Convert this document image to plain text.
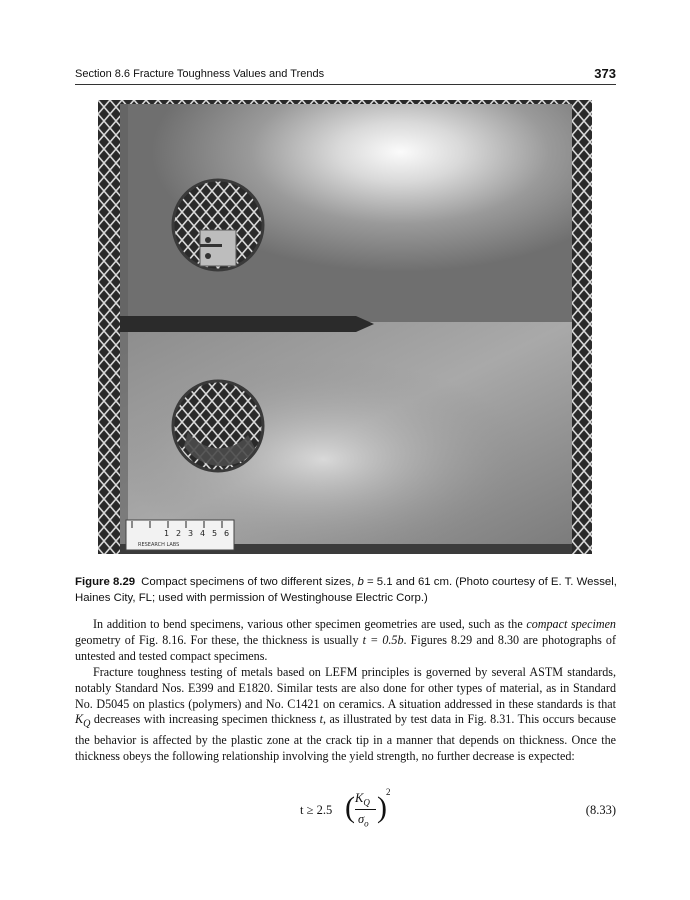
Section 8.6 Fracture Toughness Values and Trends	373
1 2 3 4 5 6
RESEARCH LABS
Figure 8.29 Compact specimens of two different sizes, b = 5.1 and 61 cm. (Photo courtesy of E. T. Wessel, Haines City, FL; used with permission of Westinghouse Electric Corp.)

In addition to bend specimens, various other specimen geometries are used, such as the compact specimen geometry of Fig. 8.16. For these, the thickness is usually t = 0.5b. Figures 8.29 and 8.30 are photographs of untested and tested compact specimens.

Fracture toughness testing of metals based on LEFM principles is governed by several ASTM standards, notably Standard Nos. E399 and E1820. Similar tests are also done for other types of material, as in Standard No. D5045 on plastics (polymers) and No. C1421 on ceramics. A situation addressed in these standards is that $K_Q$ decreases with increasing specimen thickness t, as illustrated by test data in Fig. 8.31. This occurs because the behavior is affected by the plastic zone at the crack tip in a manner that depends on thickness. Once the thickness obeys the following relationship involving the yield strength, no further decrease is expected:

t ≥ 2.5 ( $K_Q$
$\sigma_o$ ) 2
(8.33)
